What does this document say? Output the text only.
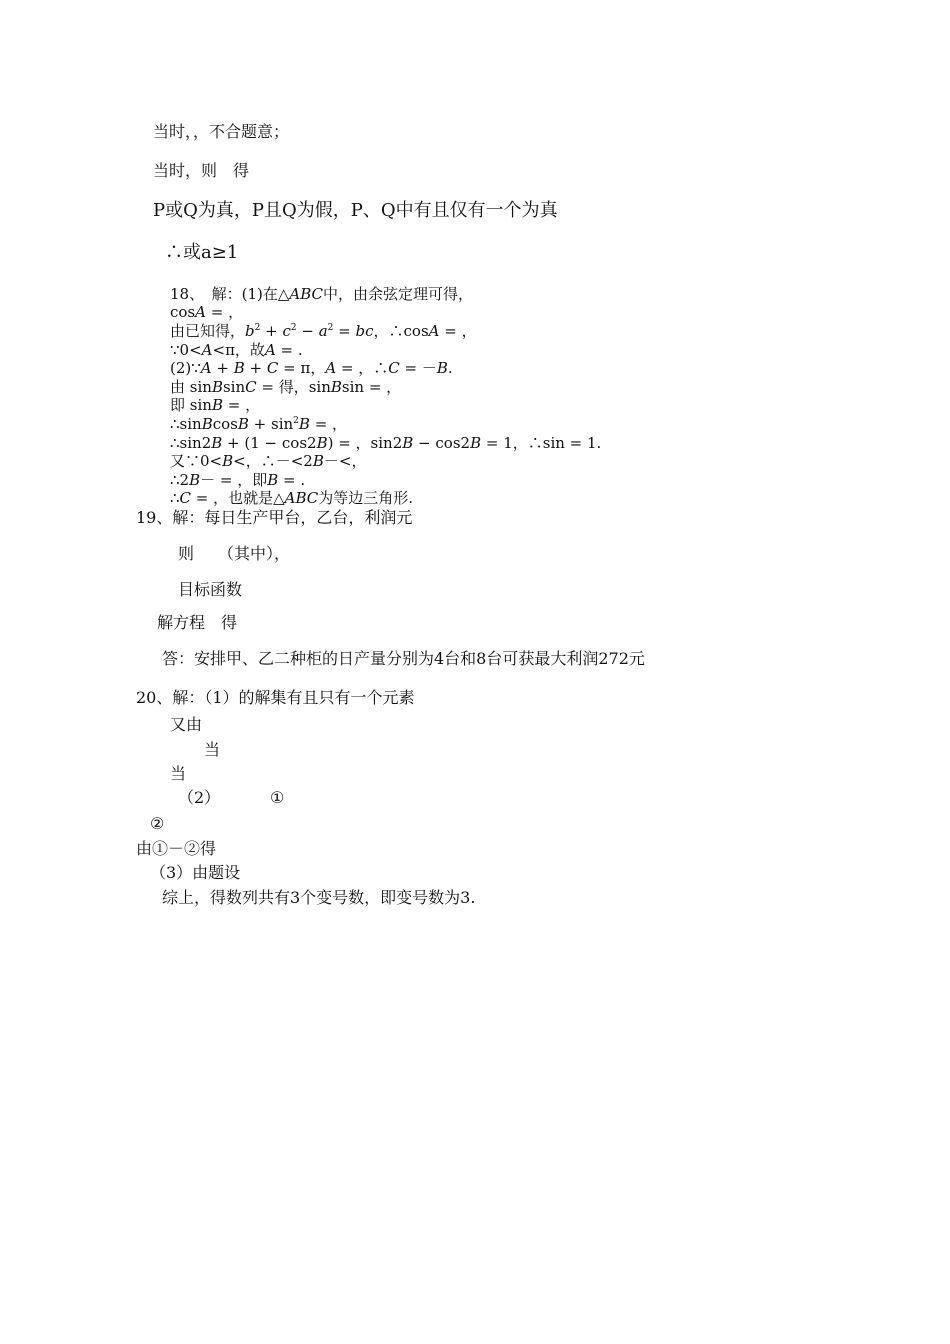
当时，，不合题意；
当时，则　得
P或Q为真，P且Q为假，P、Q中有且仅有一个为真
∴或a≥1
18、　解：(1)在△ABC中，由余弦定理可得，
cosA = ，
由已知得，$b^2 + c^2 - a^2$ = bc，∴cosA = ，
∵0<A<π，故A = .
(2)∵A + B + C = π，A = ，∴C = －B.
由 sinBsinC = 得，sinBsin = ，
即 sinB = ，
∴sinBcosB + $\sin^2B$ = ，
∴sin2B + (1 − cos2B) = ，sin2B − cos2B = 1，∴sin = 1.
又∵0<B<，∴－<2B－<，
∴2B－ = ，即B = .
∴C = ，也就是△ABC为等边三角形.
19、解：每日生产甲台，乙台，利润元
则　　（其中），
目标函数
解方程　得
答：安排甲、乙二种柜的日产量分别为4台和8台可获最大利润272元
20、解：（1）的解集有且只有一个元素
又由
当
当
（2）	①
②
由①－②得
（3）由题设
综上，得数列共有3个变号数，即变号数为3.
